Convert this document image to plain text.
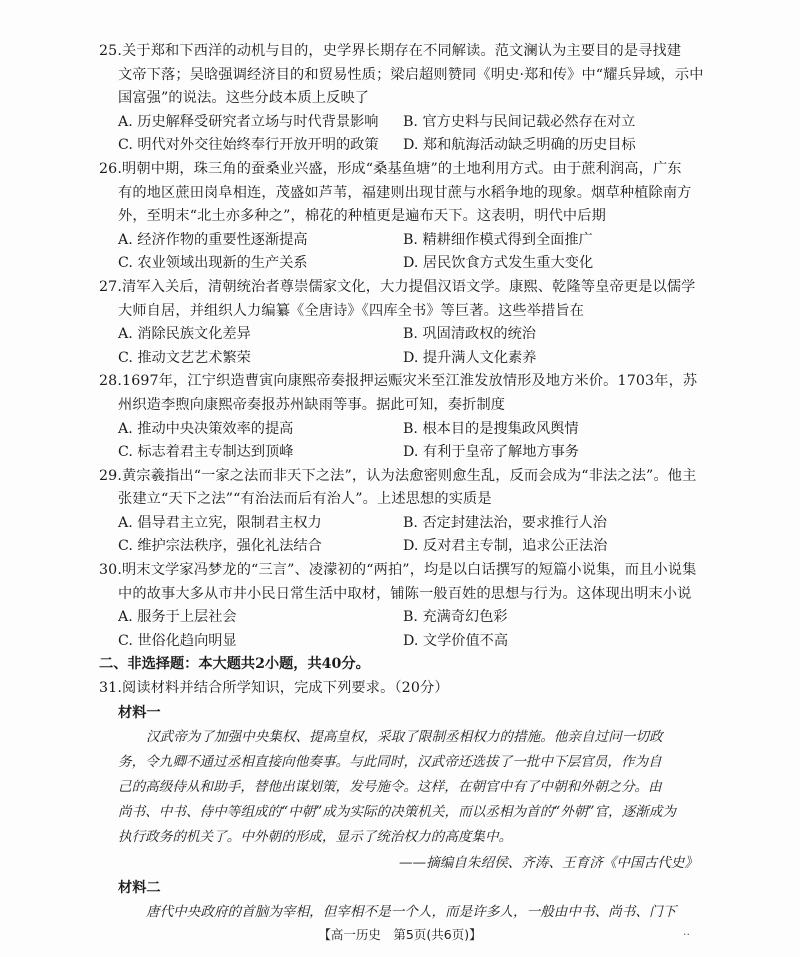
25.关于郑和下西洋的动机与目的，史学界长期存在不同解读。范文澜认为主要目的是寻找建
文帝下落；吴晗强调经济目的和贸易性质；梁启超则赞同《明史·郑和传》中“耀兵异域，示中
国富强”的说法。这些分歧本质上反映了
A. 历史解释受研究者立场与时代背景影响	B. 官方史料与民间记载必然存在对立
C. 明代对外交往始终奉行开放开明的政策	D. 郑和航海活动缺乏明确的历史目标
26.明朝中期，珠三角的蚕桑业兴盛，形成“桑基鱼塘”的土地利用方式。由于蔗利润高，广东
有的地区蔗田岗阜相连，茂盛如芦苇，福建则出现甘蔗与水稻争地的现象。烟草种植除南方
外，至明末“北土亦多种之”，棉花的种植更是遍布天下。这表明，明代中后期
A. 经济作物的重要性逐渐提高	B. 精耕细作模式得到全面推广
C. 农业领域出现新的生产关系	D. 居民饮食方式发生重大变化
27.清军入关后，清朝统治者尊崇儒家文化，大力提倡汉语文学。康熙、乾隆等皇帝更是以儒学
大师自居，并组织人力编纂《全唐诗》《四库全书》等巨著。这些举措旨在
A. 消除民族文化差异	B. 巩固清政权的统治
C. 推动文艺艺术繁荣	D. 提升满人文化素养
28.1697年，江宁织造曹寅向康熙帝奏报押运赈灾米至江淮发放情形及地方米价。1703年，苏
州织造李煦向康熙帝奏报苏州缺雨等事。据此可知，奏折制度
A. 推动中央决策效率的提高	B. 根本目的是搜集政风舆情
C. 标志着君主专制达到顶峰	D. 有利于皇帝了解地方事务
29.黄宗羲指出“一家之法而非天下之法”，认为法愈密则愈生乱，反而会成为“非法之法”。他主
张建立“天下之法”“有治法而后有治人”。上述思想的实质是
A. 倡导君主立宪，限制君主权力	B. 否定封建法治，要求推行人治
C. 维护宗法秩序，强化礼法结合	D. 反对君主专制，追求公正法治
30.明末文学家冯梦龙的“三言”、凌濛初的“两拍”，均是以白话撰写的短篇小说集，而且小说集
中的故事大多从市井小民日常生活中取材，铺陈一般百姓的思想与行为。这体现出明末小说
A. 服务于上层社会	B. 充满奇幻色彩
C. 世俗化趋向明显	D. 文学价值不高
二、非选择题：本大题共2小题，共40分。
31.阅读材料并结合所学知识，完成下列要求。（20分）
材料一
汉武帝为了加强中央集权、提高皇权，采取了限制丞相权力的措施。他亲自过问一切政
务，令九卿不通过丞相直接向他奏事。与此同时，汉武帝还选拔了一批中下层官员，作为自
己的高级侍从和助手，替他出谋划策，发号施令。这样，在朝官中有了中朝和外朝之分。由
尚书、中书、侍中等组成的“中朝”成为实际的决策机关，而以丞相为首的“外朝”官，逐渐成为
执行政务的机关了。中外朝的形成，显示了统治权力的高度集中。
——摘编自朱绍侯、齐涛、王育济《中国古代史》
材料二
唐代中央政府的首脑为宰相，但宰相不是一个人，而是许多人，一般由中书、尚书、门下
【高一历史　第5页(共6页)】	..
